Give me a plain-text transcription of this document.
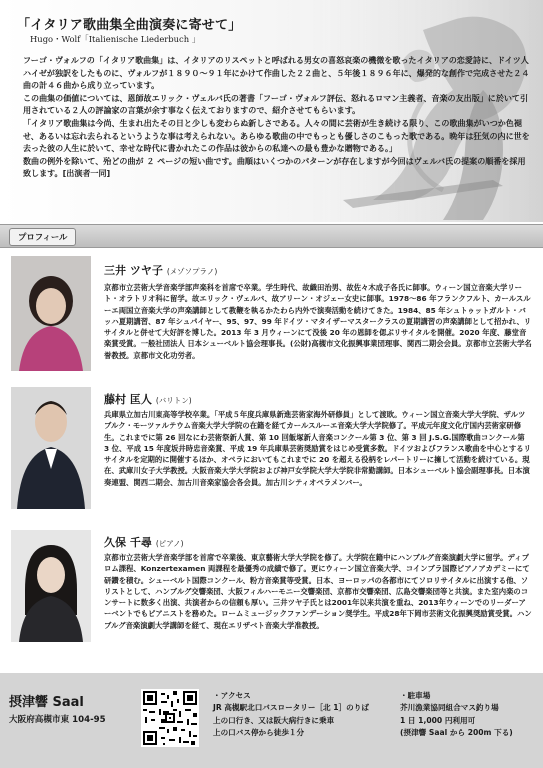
「イタリア歌曲集全曲演奏に寄せて」
Hugo・Wolf「Italienische Liederbuch 」

フーゴ・ヴォルフの「イタリア歌曲集」は、イタリアのリスペットと呼ばれる男女の喜怒哀楽の機微を歌ったイタリアの恋愛詩に、ドイツ人ハイゼが独訳をしたものに、ヴォルフが１８９０～９１年にかけて作曲した２２曲と、５年後１８９６年に、爆発的な創作で完成させた２４曲の計４６曲から成り立っています。

この曲集の価値については、恩師故エリック・ヴェルバ氏の著書「フーゴ・ヴォルフ評伝、怒れるロマン主義者、音楽の友出版」に於いて引用されている２人の評論家の言葉が余す事なく伝えておりますので、紹介させてもらいます。

「イタリア歌曲集は今尚、生まれ出たその日と少しも変わらぬ新しさである。人々の間に芸術が生き続ける限り、この歌曲集がいつか色褪せ、あるいは忘れ去られるというような事は考えられない。あらゆる歌曲の中でもっとも優しさのこもった歌である。晩年は狂気の内に世を去った彼の人生に於いて、幸せな時代に書かれたこの作品は彼からの私達への最も豊かな贈物である。」

数曲の例外を除いて、殆どの曲が ２ ページの短い曲です。曲順はいくつかのパターンが存在しますが今回はヴェルバ氏の提案の順番を採用致します。[出演者一同]

プロフィール
三井 ツヤ子 (メゾソプラノ)
京都市立芸術大学音楽学部声楽科を首席で卒業。学生時代、故織田治男、故佐々木成子各氏に師事。ウィーン国立音楽大学リート・オラトリオ科に留学。故エリック・ヴェルバ、故アリーン・オジェー女史に師事。1978～86 年フランクフルト、カールスルーエ両国立音楽大学の声楽講師として教鞭を執るかたわら内外で演奏活動を続けてきた。1984、85 年シュトゥットガルト・バッハ夏期講習、87 年シュパイヤー、95、97、99 年ドイツ・マタイザーマスタークラスの夏期講習の声楽講師として招かれ、リサイタルと併せて大好評を博した。2013 年 3 月ウィーンにて没後 20 年の恩師を偲ぶリサイタルを開催。2020 年度、藤堂音楽賞受賞。一般社団法人 日本シューベルト協会理事長。(公財)高槻市文化振興事業団理事、関西二期会会員。京都市立芸術大学名誉教授。京都市文化功労者。
藤村 匡人 (バリトン)
兵庫県立加古川東高等学校卒業。「平成５年度兵庫県新進芸術家海外研修員」として渡欧。ウィーン国立音楽大学大学院、ザルツブルク・モーツァルテウム音楽大学大学院の在籍を経てカールスルーエ音楽大学大学院修了。平成元年度文化庁国内芸術家研修生。これまでに第 26 回なにわ芸術祭新人賞、第 10 回飯塚新人音楽コンクール第 3 位、第 3 回 J.S.G.国際歌曲コンクール第 3 位、平成 15 年度坂井時忠音楽賞、平成 19 年兵庫県芸術奨励賞をはじめ受賞多数。ドイツおよびフランス歌曲を中心とするリサイタルを定期的に開催するほか、オペラにおいてもこれまでに 20 を超える役柄をレパートリーに擁して活動を続けている。現在、武庫川女子大学教授。大阪音楽大学大学院および神戸女学院大学大学院非常勤講師。日本シューベルト協会副理事長。日本演奏連盟、関西二期会、加古川音楽家協会各会員。加古川シティオペラメンバー。
久保 千尋 (ピアノ)
京都市立芸術大学音楽学部を首席で卒業後、東京藝術大学大学院を修了。大学院在籍中にハンブルグ音楽演劇大学に留学。ディプロム課程、Konzertexamen 両課程を最優秀の成績で修了。更にウィーン国立音楽大学、コインブラ国際ピアノアカデミーにて研鑽を積む。シューベルト国際コンクール、粉方音楽賞等受賞。日本、ヨーロッパの各都市にてソロリサイタルに出演する他、ソリストとして、ハンブルグ交響楽団、大阪フィルハーモニー交響楽団、京都市交響楽団、広島交響楽団等と共演。また室内楽のコンサートに数多く出演、共演者からの信頼も厚い。三井ツヤ子氏とは2001年以来共演を重ね、2013年ウィーンでのリーダーアーベントでもピアニストを務めた。ロームミュージックファンデーション奨学生。平成28年下岡市芸術文化振興奨励賞受賞。ハンブルグ音楽演劇大学講師を経て、現在エリザベト音楽大学准教授。
摂津響 Saal
大阪府高槻市東 104-95
・アクセス
JR 高槻駅北口バスロータリー［北 1］のりば
上の口行き、又は阪大病行きに乗車
上の口バス停から徒歩１分
・駐車場
芥川漁業協同組合マス釣り場
1 日 1,000 円利用可
(摂津響 Saal から 200m 下る)
